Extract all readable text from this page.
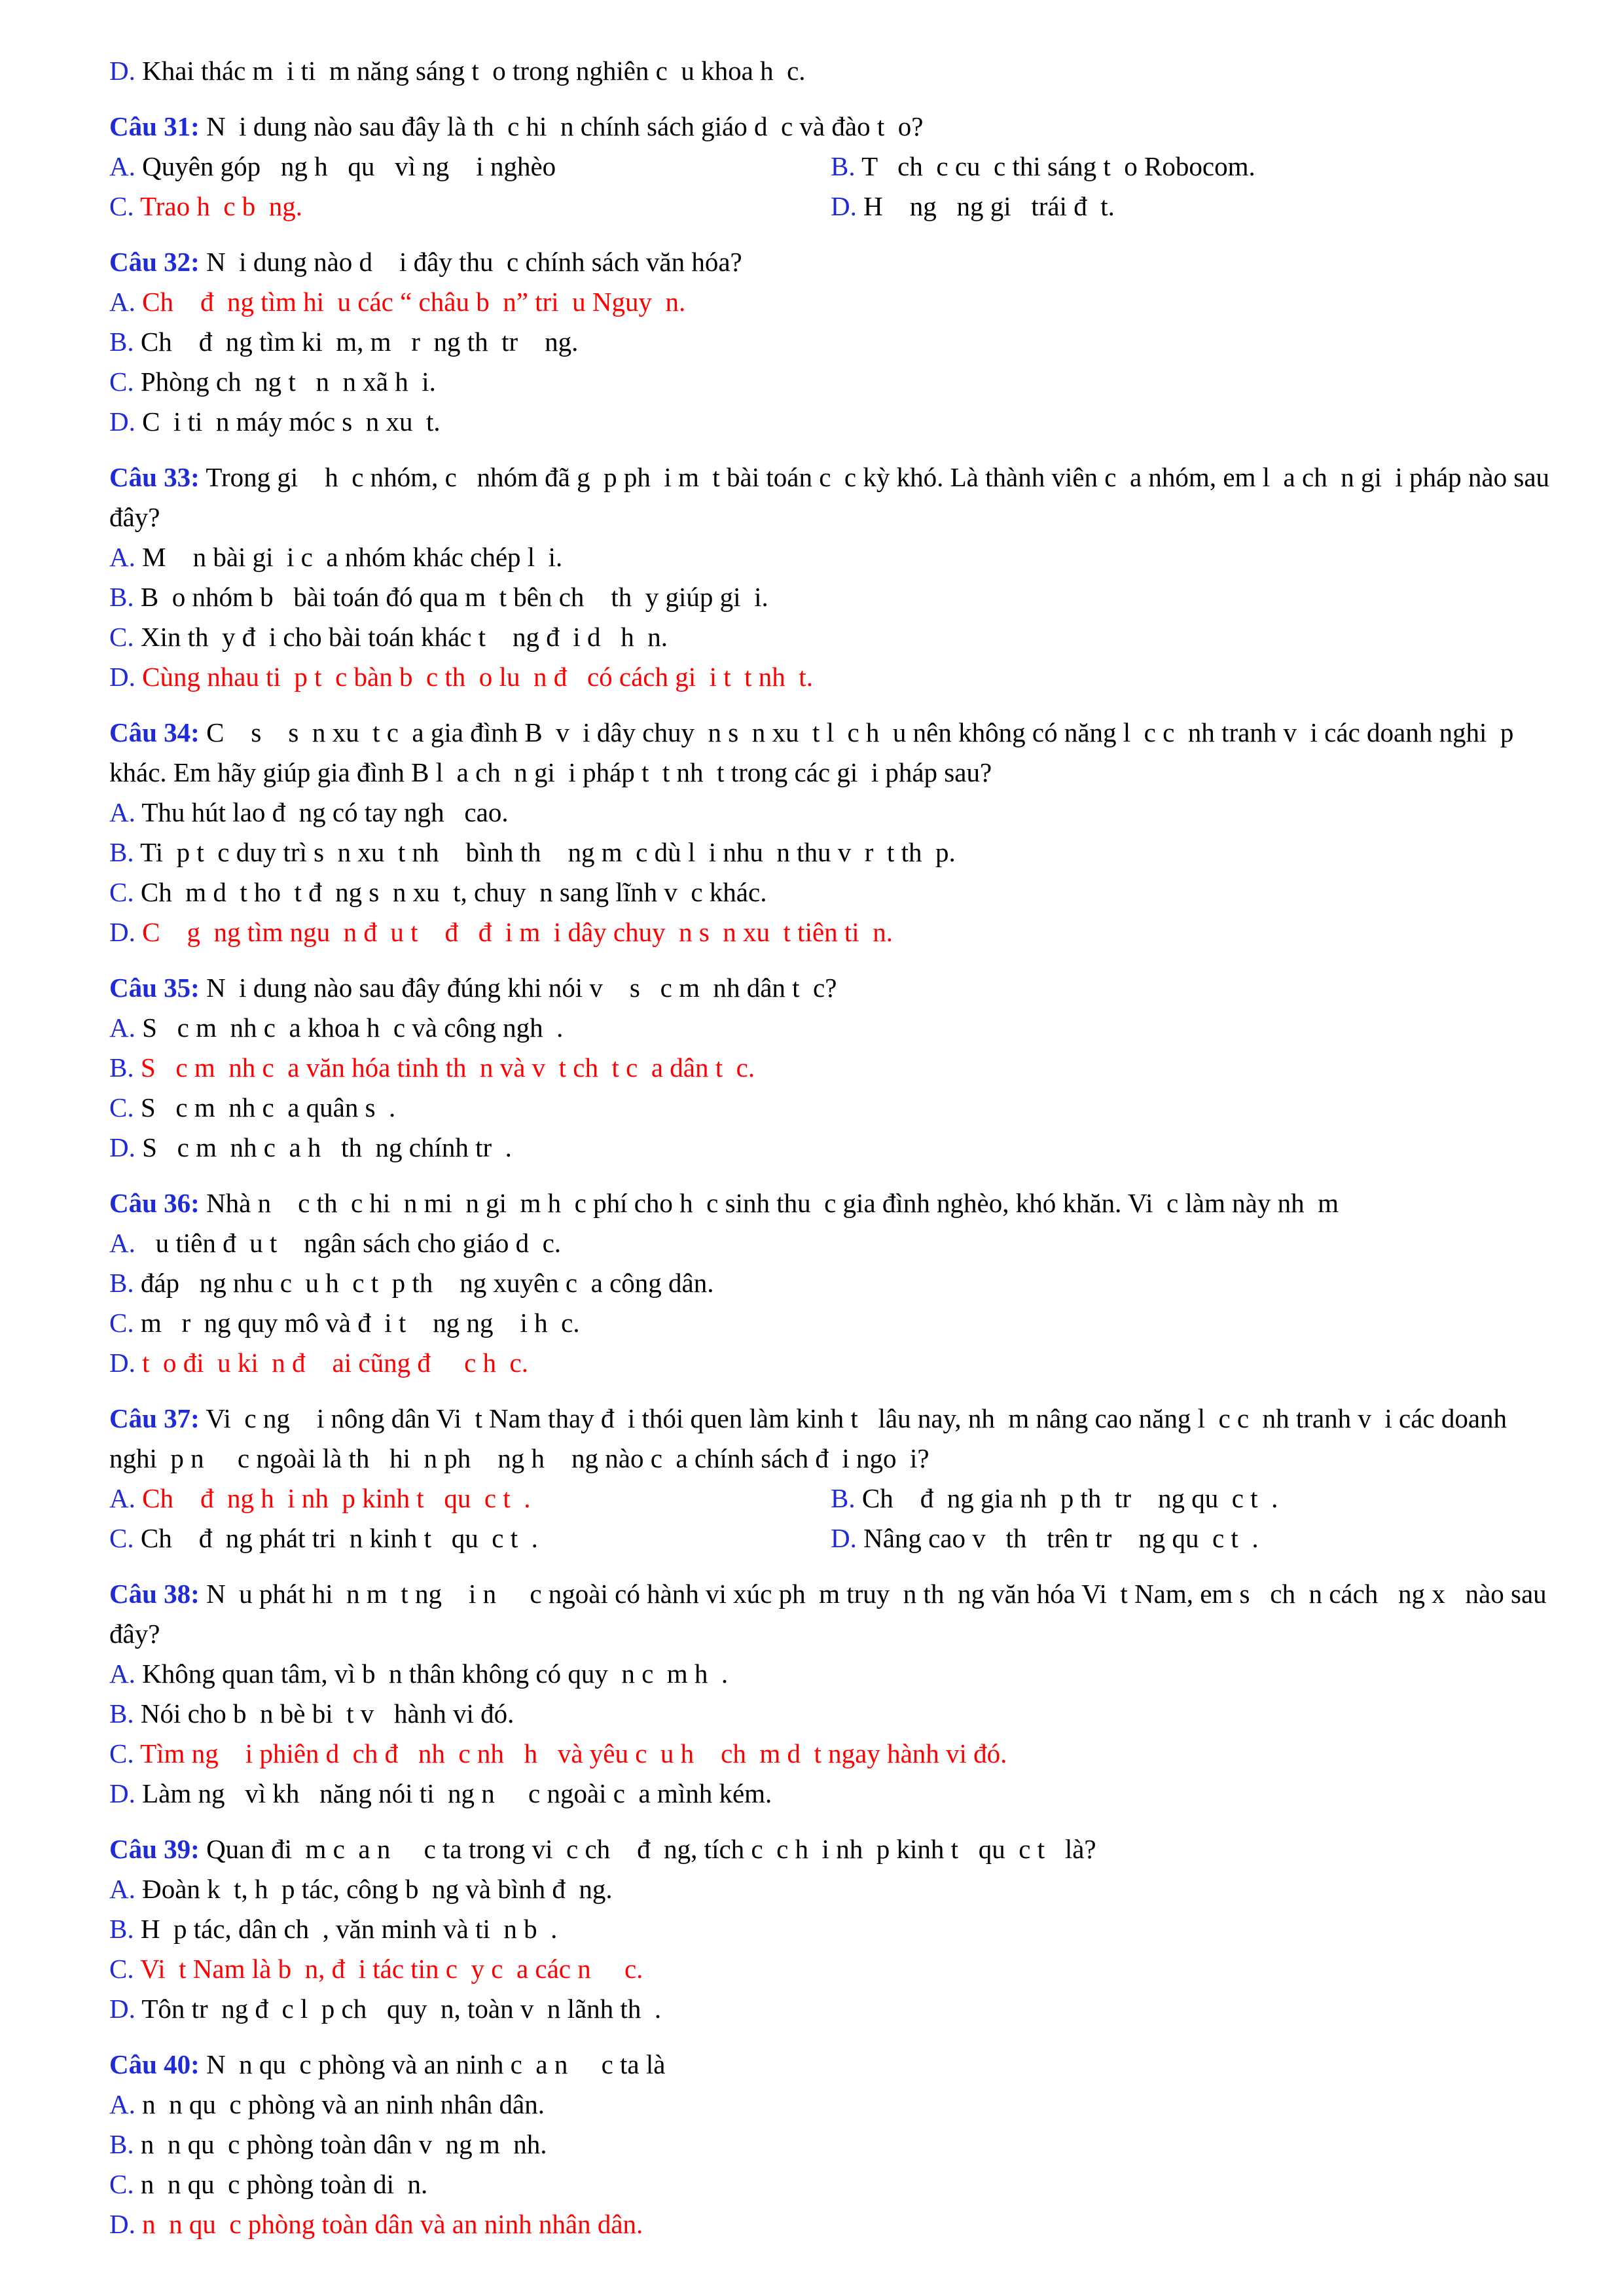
D. Khai thác m  i ti  m năng sáng t  o trong nghiên c  u khoa h  c.
Câu 31: N  i dung nào sau đây là th  c hi  n chính sách giáo d  c và đào t  o?
A. Quyên góp   ng h   qu   vì ng    i nghèo	B. T   ch  c cu  c thi sáng t  o Robocom.
C. Trao h  c b  ng.	D. H    ng   ng gi   trái đ  t.
Câu 32: N  i dung nào d    i đây thu  c chính sách văn hóa?
A. Ch    đ  ng tìm hi  u các “ châu b  n” tri  u Nguy  n.
B. Ch    đ  ng tìm ki  m, m   r  ng th  tr    ng.
C. Phòng ch  ng t   n  n xã h  i.
D. C  i ti  n máy móc s  n xu  t.
Câu 33: Trong gi    h  c nhóm, c   nhóm đã g  p ph  i m  t bài toán c  c kỳ khó. Là thành viên c  a nhóm, em l  a ch  n gi  i pháp nào sau đây?
A. M    n bài gi  i c  a nhóm khác chép l  i.
B. B  o nhóm b   bài toán đó qua m  t bên ch    th  y giúp gi  i.
C. Xin th  y đ  i cho bài toán khác t    ng đ  i d   h  n.
D. Cùng nhau ti  p t  c bàn b  c th  o lu  n đ   có cách gi  i t  t nh  t.
Câu 34: C    s    s  n xu  t c  a gia đình B  v  i dây chuy  n s  n xu  t l  c h  u nên không có năng l  c c  nh tranh v  i các doanh nghi  p khác. Em hãy giúp gia đình B l  a ch  n gi  i pháp t  t nh  t trong các gi  i pháp sau?
A. Thu hút lao đ  ng có tay ngh   cao.
B. Ti  p t  c duy trì s  n xu  t nh    bình th    ng m  c dù l  i nhu  n thu v  r  t th  p.
C. Ch  m d  t ho  t đ  ng s  n xu  t, chuy  n sang lĩnh v  c khác.
D. C    g  ng tìm ngu  n đ  u t    đ   đ  i m  i dây chuy  n s  n xu  t tiên ti  n.
Câu 35: N  i dung nào sau đây đúng khi nói v    s   c m  nh dân t  c?
A. S   c m  nh c  a khoa h  c và công ngh  .
B. S   c m  nh c  a văn hóa tinh th  n và v  t ch  t c  a dân t  c.
C. S   c m  nh c  a quân s  .
D. S   c m  nh c  a h   th  ng chính tr  .
Câu 36: Nhà n    c th  c hi  n mi  n gi  m h  c phí cho h  c sinh thu  c gia đình nghèo, khó khăn. Vi  c làm này nh  m
A.   u tiên đ  u t    ngân sách cho giáo d  c.
B. đáp   ng nhu c  u h  c t  p th    ng xuyên c  a công dân.
C. m   r  ng quy mô và đ  i t    ng ng    i h  c.
D. t  o đi  u ki  n đ    ai cũng đ     c h  c.
Câu 37: Vi  c ng    i nông dân Vi  t Nam thay đ  i thói quen làm kinh t   lâu nay, nh  m nâng cao năng l  c c  nh tranh v  i các doanh nghi  p n     c ngoài là th   hi  n ph    ng h    ng nào c  a chính sách đ  i ngo  i?
A. Ch    đ  ng h  i nh  p kinh t   qu  c t  .	B. Ch    đ  ng gia nh  p th  tr    ng qu  c t  .
C. Ch    đ  ng phát tri  n kinh t   qu  c t  .	D. Nâng cao v   th   trên tr    ng qu  c t  .
Câu 38: N  u phát hi  n m  t ng    i n     c ngoài có hành vi xúc ph  m truy  n th  ng văn hóa Vi  t Nam, em s   ch  n cách   ng x   nào sau đây?
A. Không quan tâm, vì b  n thân không có quy  n c  m h  .
B. Nói cho b  n bè bi  t v   hành vi đó.
C. Tìm ng    i phiên d  ch đ   nh  c nh   h   và yêu c  u h    ch  m d  t ngay hành vi đó.
D. Làm ng   vì kh   năng nói ti  ng n     c ngoài c  a mình kém.
Câu 39: Quan đi  m c  a n     c ta trong vi  c ch    đ  ng, tích c  c h  i nh  p kinh t   qu  c t   là?
A. Đoàn k  t, h  p tác, công b  ng và bình đ  ng.
B. H  p tác, dân ch  , văn minh và ti  n b  .
C. Vi  t Nam là b  n, đ  i tác tin c  y c  a các n     c.
D. Tôn tr  ng đ  c l  p ch   quy  n, toàn v  n lãnh th  .
Câu 40: N  n qu  c phòng và an ninh c  a n     c ta là
A. n  n qu  c phòng và an ninh nhân dân.
B. n  n qu  c phòng toàn dân v  ng m  nh.
C. n  n qu  c phòng toàn di  n.
D. n  n qu  c phòng toàn dân và an ninh nhân dân.
